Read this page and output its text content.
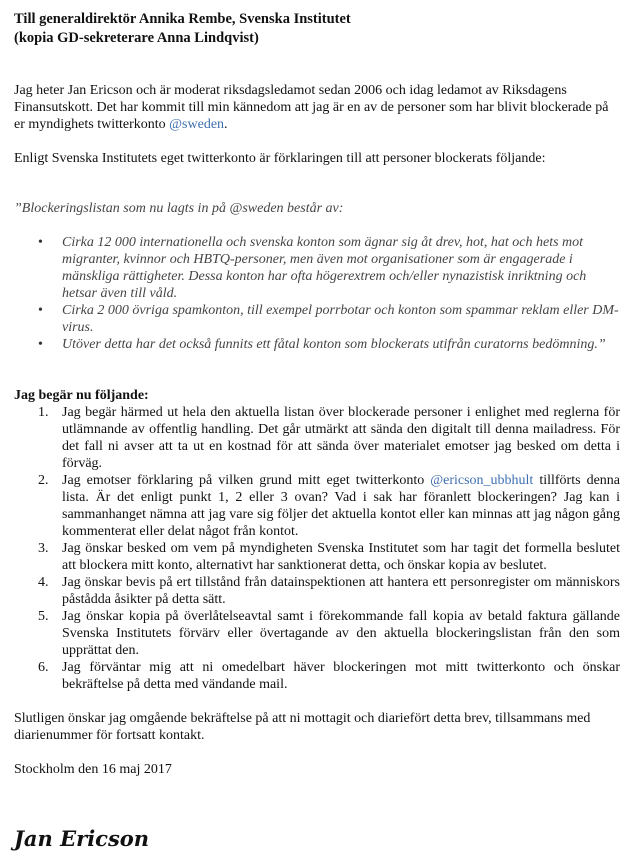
Till generaldirektör Annika Rembe, Svenska Institutet
(kopia GD-sekreterare Anna Lindqvist)

Jag heter Jan Ericson och är moderat riksdagsledamot sedan 2006 och idag ledamot av Riksdagens Finansutskott. Det har kommit till min kännedom att jag är en av de personer som har blivit blockerade på er myndighets twitterkonto @sweden.

Enligt Svenska Institutets eget twitterkonto är förklaringen till att personer blockerats följande:

”Blockeringslistan som nu lagts in på @sweden består av:
• Cirka 12 000 internationella och svenska konton som ägnar sig åt drev, hot, hat och hets mot migranter, kvinnor och HBTQ-personer, men även mot organisationer som är engagerade i mänskliga rättigheter. Dessa konton har ofta högerextrem och/eller nynazistisk inriktning och hetsar även till våld.
• Cirka 2 000 övriga spamkonton, till exempel porrbotar och konton som spammar reklam eller DM-virus.
• Utöver detta har det också funnits ett fåtal konton som blockerats utifrån curatorns bedömning.”
Jag begär nu följande:
1. Jag begär härmed ut hela den aktuella listan över blockerade personer i enlighet med reglerna för utlämnande av offentlig handling. Det går utmärkt att sända den digitalt till denna mailadress. För det fall ni avser att ta ut en kostnad för att sända över materialet emotser jag besked om detta i förväg.
2. Jag emotser förklaring på vilken grund mitt eget twitterkonto @ericson_ubbhult tillförts denna lista. Är det enligt punkt 1, 2 eller 3 ovan? Vad i sak har föranlett blockeringen? Jag kan i sammanhanget nämna att jag vare sig följer det aktuella kontot eller kan minnas att jag någon gång kommenterat eller delat något från kontot.
3. Jag önskar besked om vem på myndigheten Svenska Institutet som har tagit det formella beslutet att blockera mitt konto, alternativt har sanktionerat detta, och önskar kopia av beslutet.
4. Jag önskar bevis på ert tillstånd från datainspektionen att hantera ett personregister om människors påstådda åsikter på detta sätt.
5. Jag önskar kopia på överlåtelseavtal samt i förekommande fall kopia av betald faktura gällande Svenska Institutets förvärv eller övertagande av den aktuella blockeringslistan från den som upprättat den.
6. Jag förväntar mig att ni omedelbart häver blockeringen mot mitt twitterkonto och önskar bekräftelse på detta med vändande mail.

Slutligen önskar jag omgående bekräftelse på att ni mottagit och diariefört detta brev, tillsammans med diarienummer för fortsatt kontakt.

Stockholm den 16 maj 2017

Jan Ericson
